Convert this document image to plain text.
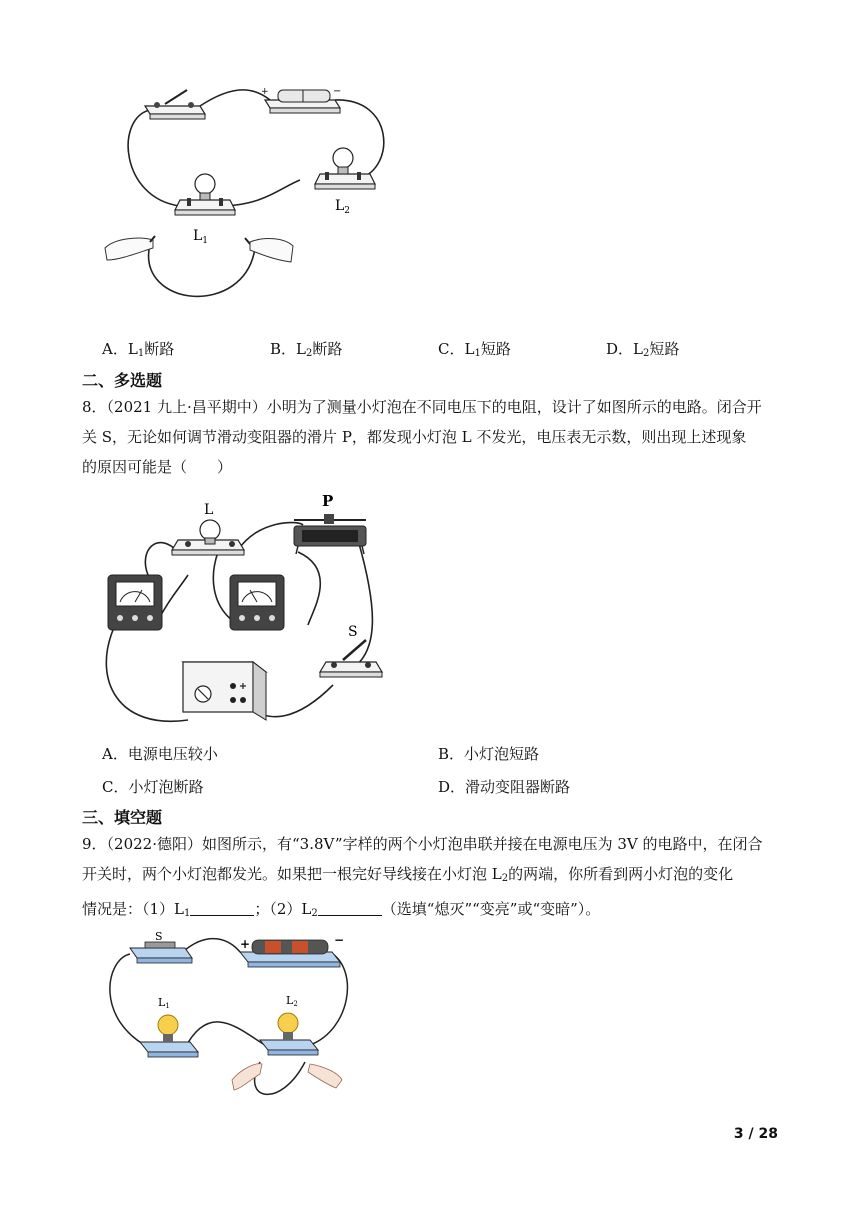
+	−
$L_1$
$L_2$
A．$L_1$断路	B．$L_2$断路	C．$L_1$短路	D．$L_2$短路
二、多选题
8．（2021 九上·昌平期中）小明为了测量小灯泡在不同电压下的电阻，设计了如图所示的电路。闭合开
关 S，无论如何调节滑动变阻器的滑片 P，都发现小灯泡 L 不发光，电压表无示数，则出现上述现象
的原因可能是（　　）
L	P
S
A．电源电压较小	B．小灯泡短路
C．小灯泡断路	D．滑动变阻器断路
三、填空题
9．（2022·德阳）如图所示，有“3.8V”字样的两个小灯泡串联并接在电源电压为 3V 的电路中，在闭合
开关时，两个小灯泡都发光。如果把一根完好导线接在小灯泡 $L_2$的两端，你所看到两小灯泡的变化
情况是：$(1)L_1$	；$(2)L_2$	（选填“熄灭”“变亮”或“变暗”）。
S
+	−
L1	L2
3 / 28
